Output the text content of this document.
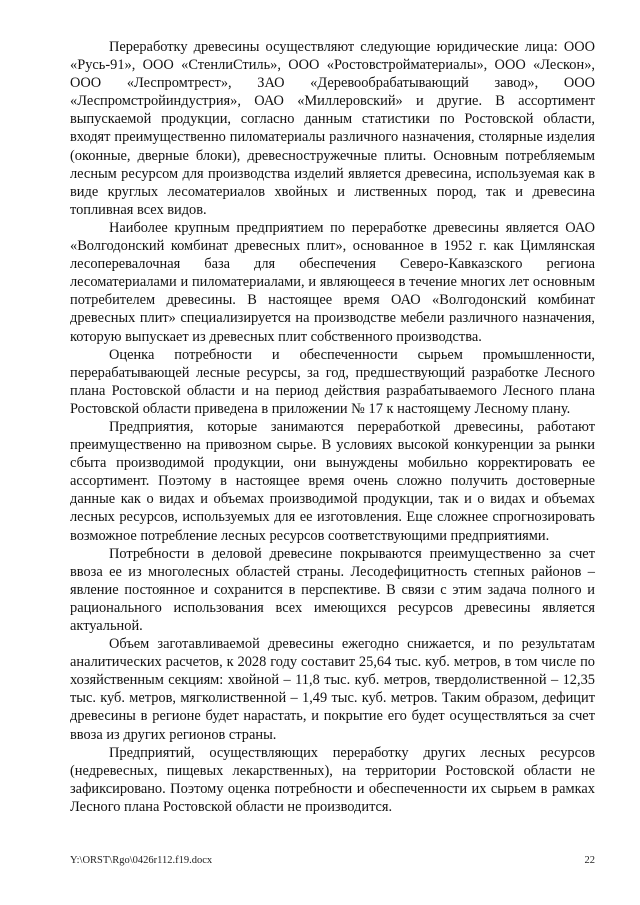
Переработку древесины осуществляют следующие юридические лица: ООО «Русь-91», ООО «СтенлиСтиль», ООО «Ростовстройматериалы», ООО «Лескон», ООО «Леспромтрест», ЗАО «Деревообрабатывающий завод», ООО «Леспромстройиндустрия», ОАО «Миллеровский» и другие. В ассортимент выпускаемой продукции, согласно данным статистики по Ростовской области, входят преимущественно пиломатериалы различного назначения, столярные изделия (оконные, дверные блоки), древесностружечные плиты. Основным потребляемым лесным ресурсом для производства изделий является древесина, используемая как в виде круглых лесоматериалов хвойных и лиственных пород, так и древесина топливная всех видов.

Наиболее крупным предприятием по переработке древесины является ОАО «Волгодонский комбинат древесных плит», основанное в 1952 г. как Цимлянская лесоперевалочная база для обеспечения Северо-Кавказского региона лесоматериалами и пиломатериалами, и являющееся в течение многих лет основным потребителем древесины. В настоящее время ОАО «Волгодонский комбинат древесных плит» специализируется на производстве мебели различного назначения, которую выпускает из древесных плит собственного производства.

Оценка потребности и обеспеченности сырьем промышленности, перерабатывающей лесные ресурсы, за год, предшествующий разработке Лесного плана Ростовской области и на период действия разрабатываемого Лесного плана Ростовской области приведена в приложении № 17 к настоящему Лесному плану.

Предприятия, которые занимаются переработкой древесины, работают преимущественно на привозном сырье. В условиях высокой конкуренции за рынки сбыта производимой продукции, они вынуждены мобильно корректировать ее ассортимент. Поэтому в настоящее время очень сложно получить достоверные данные как о видах и объемах производимой продукции, так и о видах и объемах лесных ресурсов, используемых для ее изготовления. Еще сложнее спрогнозировать возможное потребление лесных ресурсов соответствующими предприятиями.

Потребности в деловой древесине покрываются преимущественно за счет ввоза ее из многолесных областей страны. Лесодефицитность степных районов – явление постоянное и сохранится в перспективе. В связи с этим задача полного и рационального использования всех имеющихся ресурсов древесины является актуальной.

Объем заготавливаемой древесины ежегодно снижается, и по результатам аналитических расчетов, к 2028 году составит 25,64 тыс. куб. метров, в том числе по хозяйственным секциям: хвойной – 11,8 тыс. куб. метров, твердолиственной – 12,35 тыс. куб. метров, мягколиственной – 1,49 тыс. куб. метров. Таким образом, дефицит древесины в регионе будет нарастать, и покрытие его будет осуществляться за счет ввоза из других регионов страны.

Предприятий, осуществляющих переработку других лесных ресурсов (недревесных, пищевых лекарственных), на территории Ростовской области не зафиксировано. Поэтому оценка потребности и обеспеченности их сырьем в рамках Лесного плана Ростовской области не производится.

Y:\ORST\Rgo\0426r112.f19.docx	22
